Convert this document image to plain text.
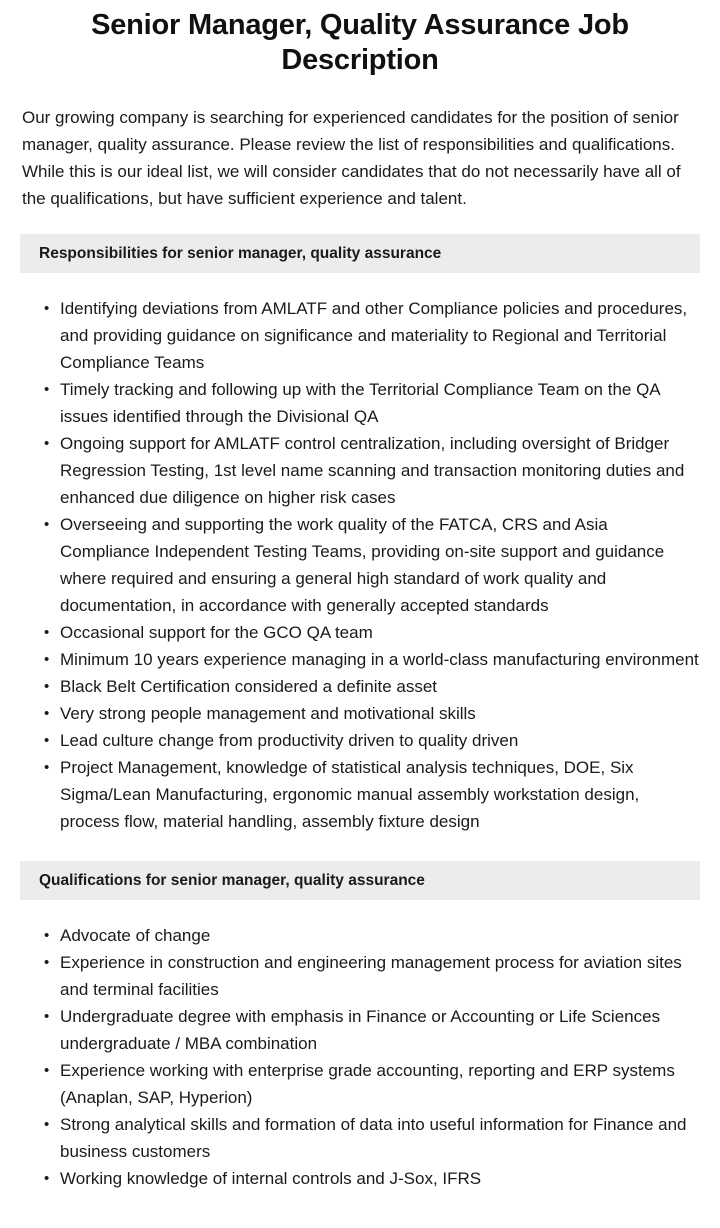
Senior Manager, Quality Assurance Job Description

Our growing company is searching for experienced candidates for the position of senior manager, quality assurance. Please review the list of responsibilities and qualifications. While this is our ideal list, we will consider candidates that do not necessarily have all of the qualifications, but have sufficient experience and talent.

Responsibilities for senior manager, quality assurance
• Identifying deviations from AMLATF and other Compliance policies and procedures, and providing guidance on significance and materiality to Regional and Territorial Compliance Teams
• Timely tracking and following up with the Territorial Compliance Team on the QA issues identified through the Divisional QA
• Ongoing support for AMLATF control centralization, including oversight of Bridger Regression Testing, 1st level name scanning and transaction monitoring duties and enhanced due diligence on higher risk cases
• Overseeing and supporting the work quality of the FATCA, CRS and Asia Compliance Independent Testing Teams, providing on-site support and guidance where required and ensuring a general high standard of work quality and documentation, in accordance with generally accepted standards
• Occasional support for the GCO QA team
• Minimum 10 years experience managing in a world-class manufacturing environment
• Black Belt Certification considered a definite asset
• Very strong people management and motivational skills
• Lead culture change from productivity driven to quality driven
• Project Management, knowledge of statistical analysis techniques, DOE, Six Sigma/Lean Manufacturing, ergonomic manual assembly workstation design, process flow, material handling, assembly fixture design
Qualifications for senior manager, quality assurance
• Advocate of change
• Experience in construction and engineering management process for aviation sites and terminal facilities
• Undergraduate degree with emphasis in Finance or Accounting or Life Sciences undergraduate / MBA combination
• Experience working with enterprise grade accounting, reporting and ERP systems (Anaplan, SAP, Hyperion)
• Strong analytical skills and formation of data into useful information for Finance and business customers
• Working knowledge of internal controls and J-Sox, IFRS
